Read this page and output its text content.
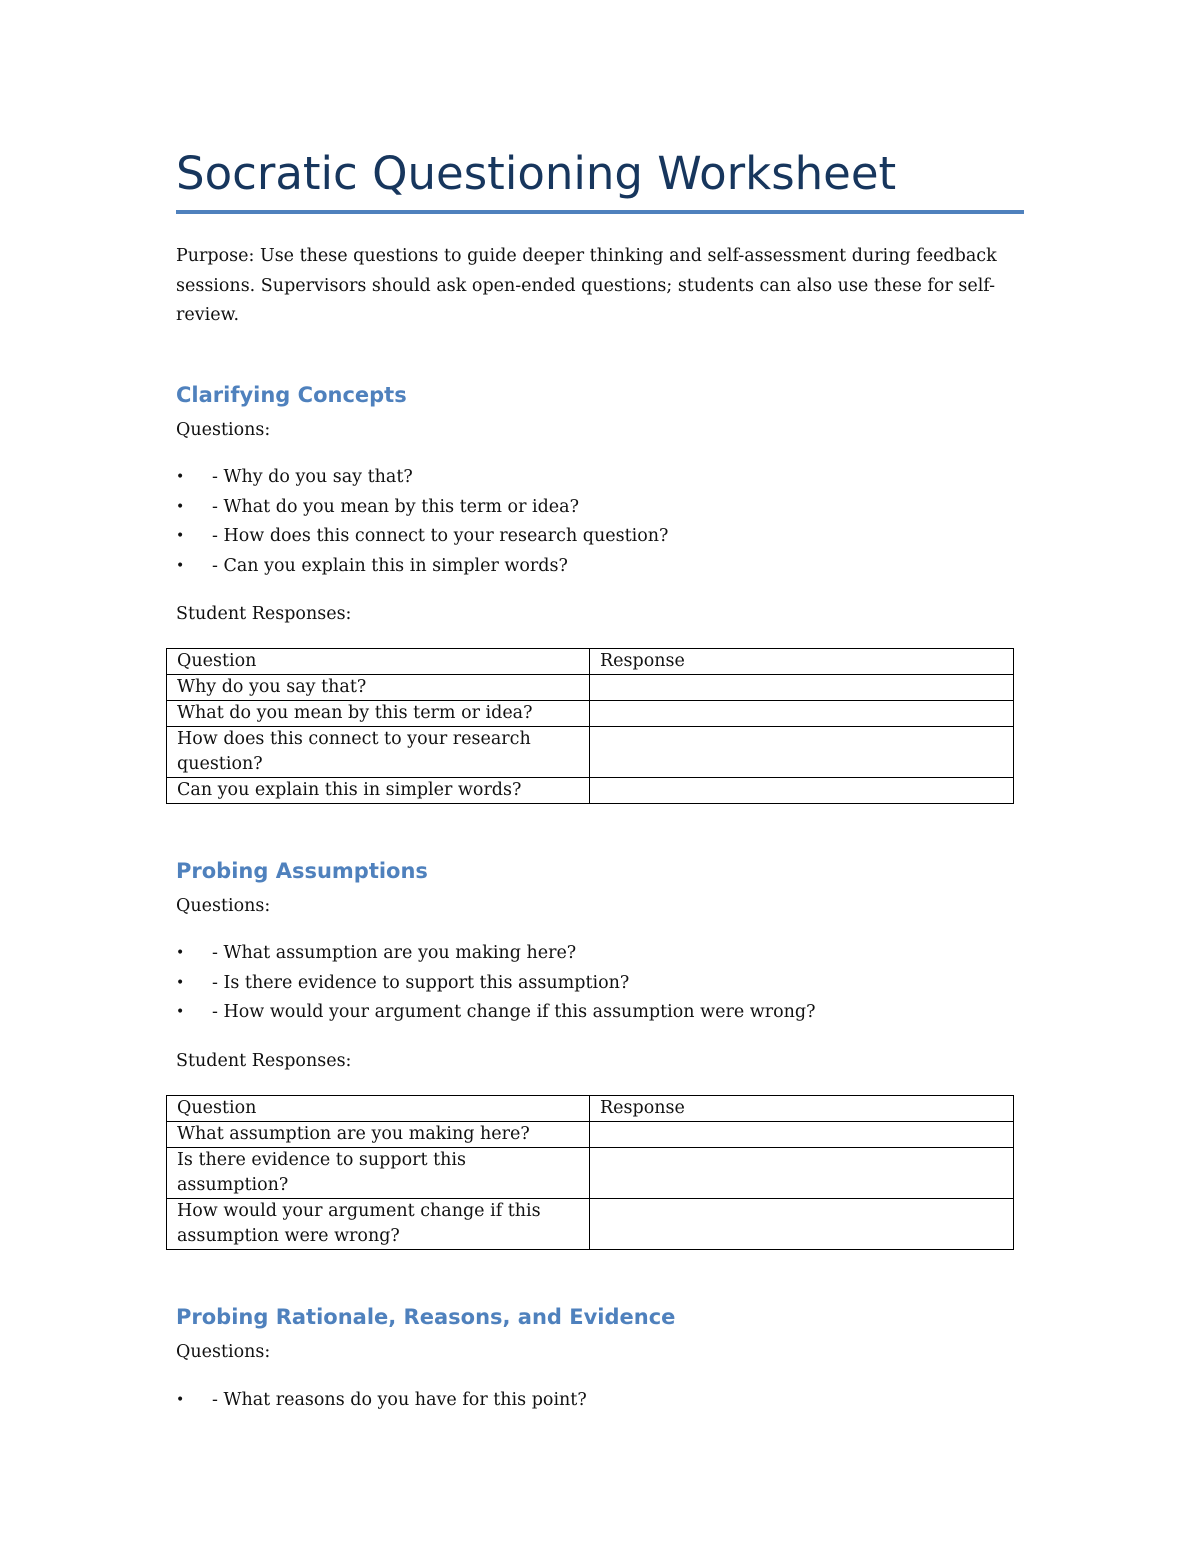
Socratic Questioning Worksheet

Purpose: Use these questions to guide deeper thinking and self-assessment during feedback sessions. Supervisors should ask open-ended questions; students can also use these for self-review.

Clarifying Concepts

Questions:

•	- Why do you say that?
•	- What do you mean by this term or idea?
•	- How does this connect to your research question?
•	- Can you explain this in simpler words?

Student Responses:

Question	Response
Why do you say that?	
What do you mean by this term or idea?	
How does this connect to your research question?	
Can you explain this in simpler words?	
Probing Assumptions

Questions:

•	- What assumption are you making here?
•	- Is there evidence to support this assumption?
•	- How would your argument change if this assumption were wrong?

Student Responses:

Question	Response
What assumption are you making here?	
Is there evidence to support this assumption?	
How would your argument change if this assumption were wrong?	
Probing Rationale, Reasons, and Evidence

Questions:

•	- What reasons do you have for this point?
